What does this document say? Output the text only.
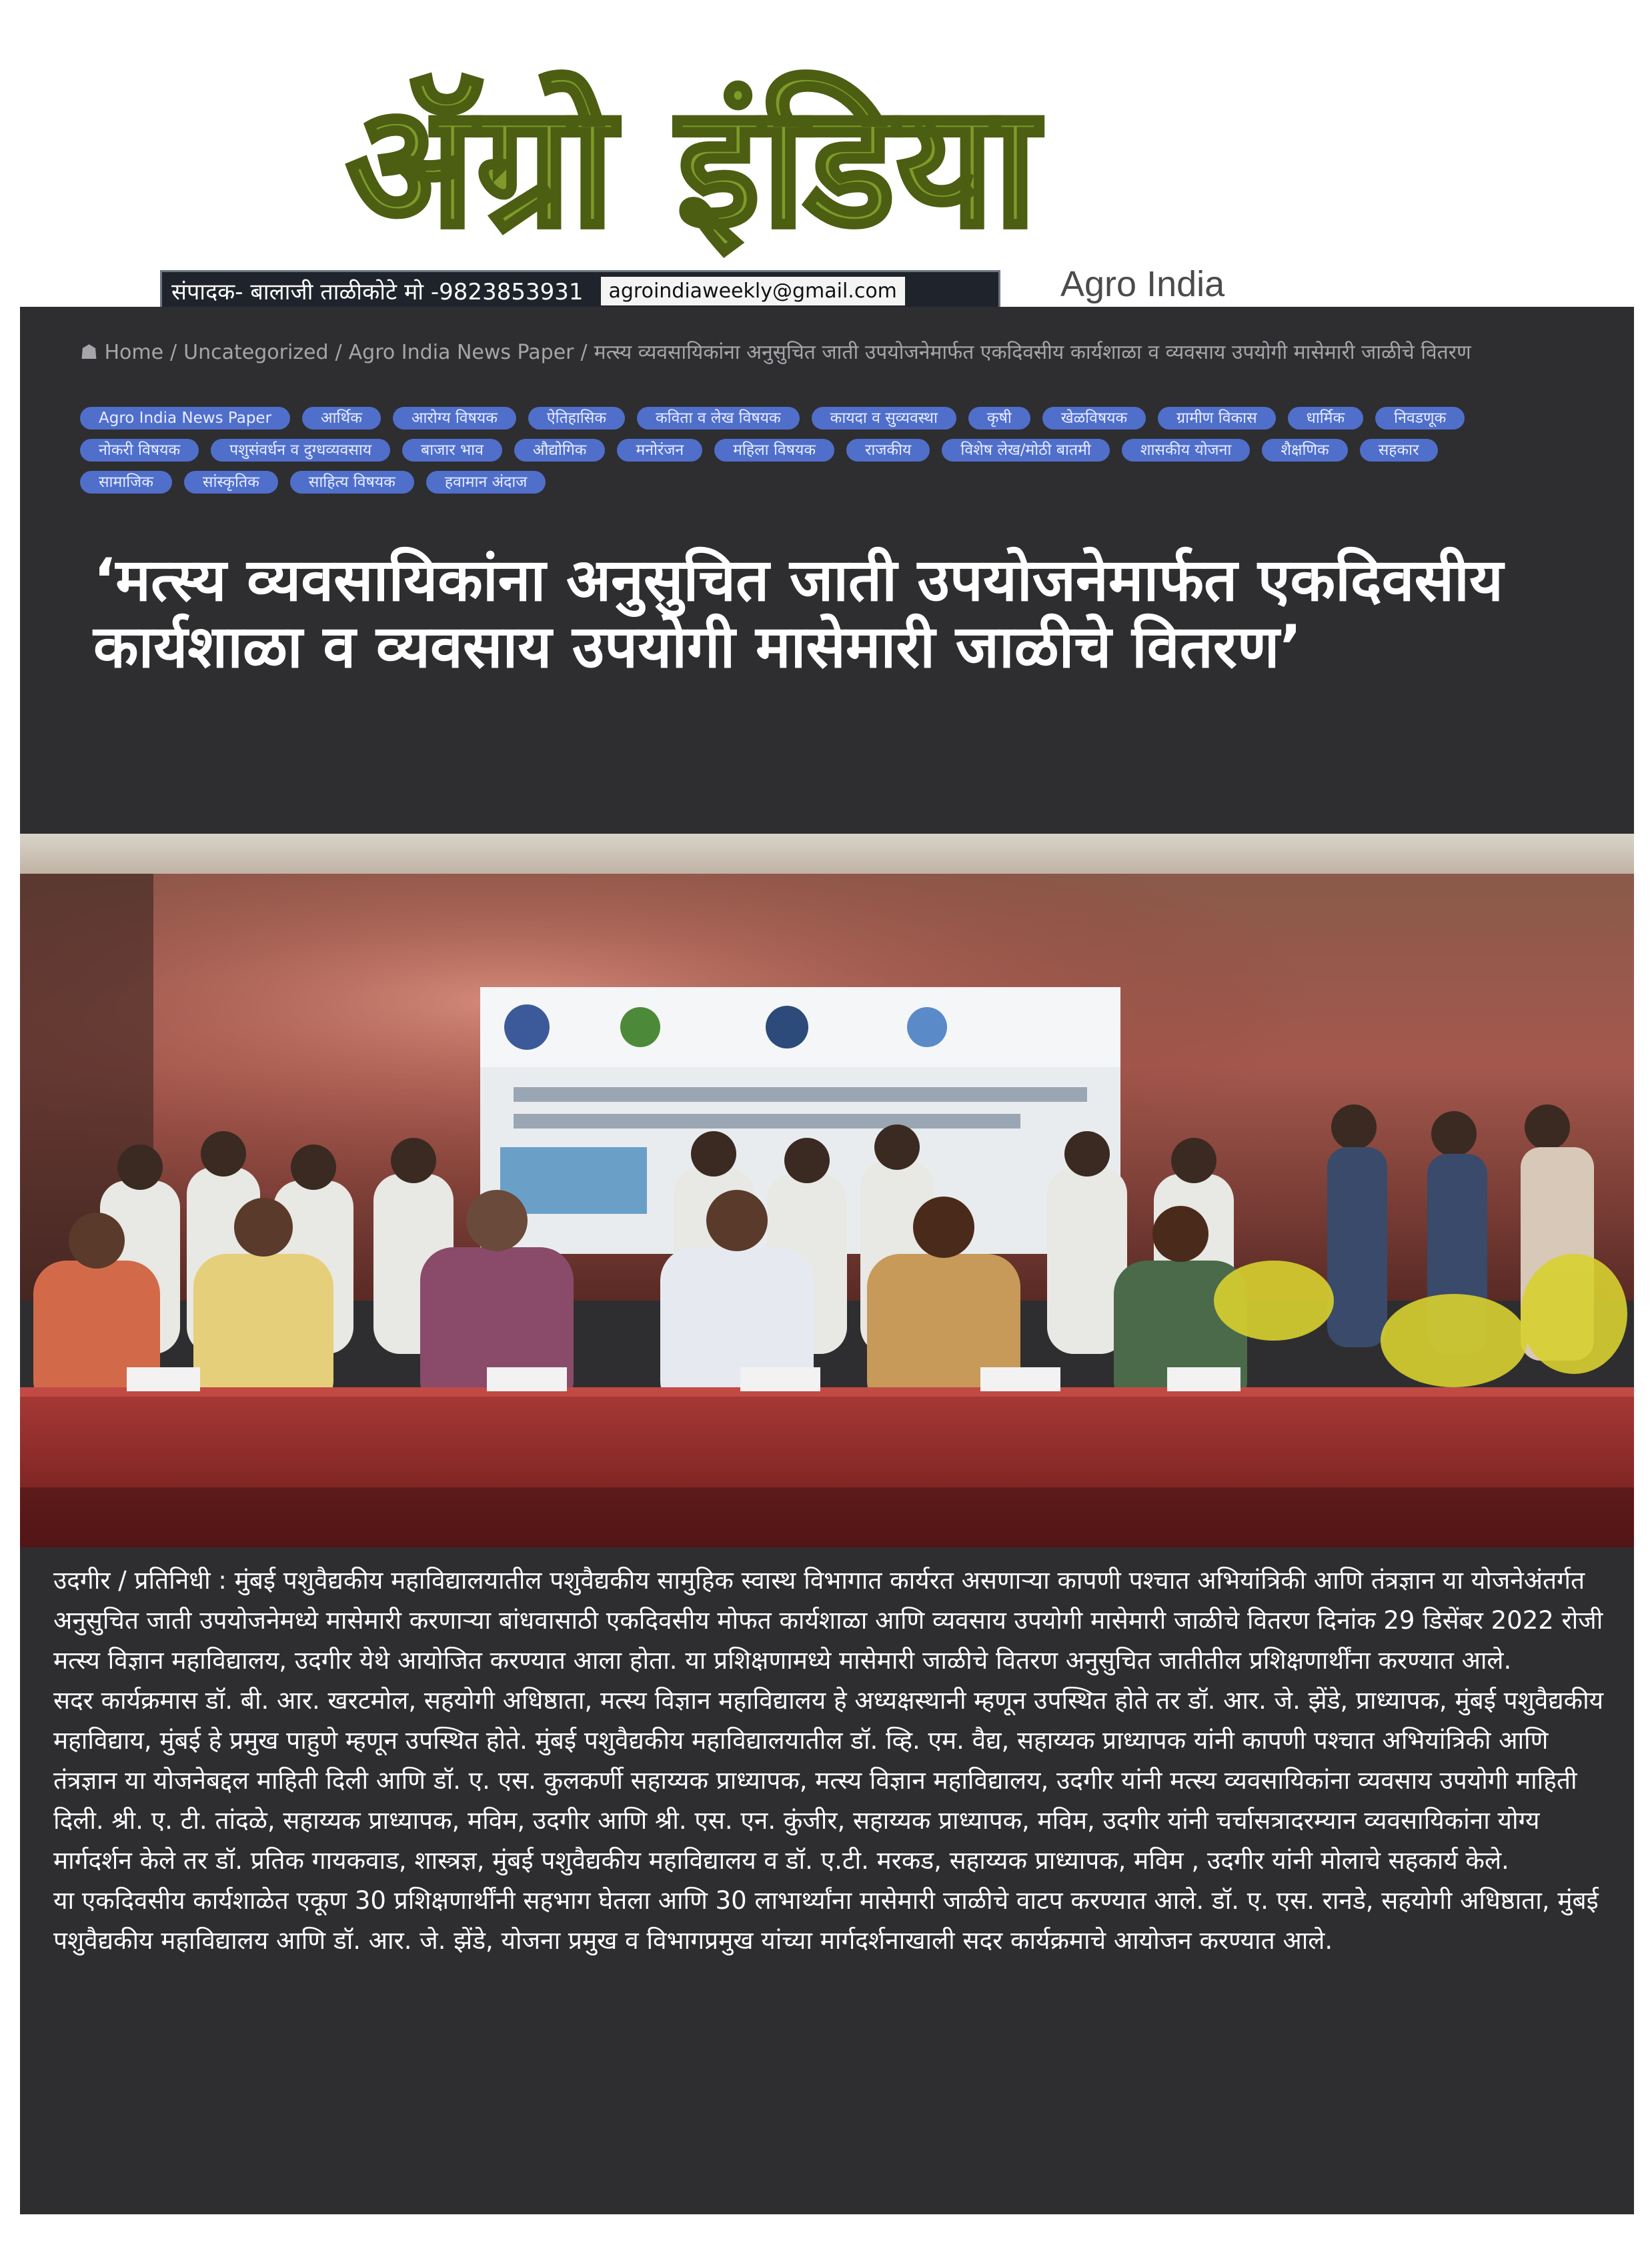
ॲग्रो इंडिया
संपादक- बालाजी ताळीकोटे मो -9823853931	agroindiaweekly@gmail.com	Agro India
☗ Home / Uncategorized / Agro India News Paper / मत्स्य व्यवसायिकांना अनुसुचित जाती उपयोजनेमार्फत एकदिवसीय कार्यशाळा व व्यवसाय उपयोगी मासेमारी जाळीचे वितरण
Agro India News Paper	आर्थिक	आरोग्य विषयक	ऐतिहासिक	कविता व लेख विषयक	कायदा व सुव्यवस्था	कृषी	खेळविषयक	ग्रामीण विकास	धार्मिक	निवडणूक
नोकरी विषयक	पशुसंवर्धन व दुग्धव्यवसाय	बाजार भाव	औद्योगिक	मनोरंजन	महिला विषयक	राजकीय	विशेष लेख/मोठी बातमी	शासकीय योजना	शैक्षणिक	सहकार
सामाजिक	सांस्कृतिक	साहित्य विषयक	हवामान अंदाज
‘मत्स्य व्यवसायिकांना अनुसुचित जाती उपयोजनेमार्फत एकदिवसीय कार्यशाळा व व्यवसाय उपयोगी मासेमारी जाळीचे वितरण’

उदगीर / प्रतिनिधी : मुंबई पशुवैद्यकीय महाविद्यालयातील पशुवैद्यकीय सामुहिक स्वास्थ विभागात कार्यरत असणाऱ्या कापणी पश्चात अभियांत्रिकी आणि तंत्रज्ञान या योजनेअंतर्गत अनुसुचित जाती उपयोजनेमध्ये मासेमारी करणाऱ्या बांधवासाठी एकदिवसीय मोफत कार्यशाळा आणि व्यवसाय उपयोगी मासेमारी जाळीचे वितरण दिनांक 29 डिसेंबर 2022 रोजी मत्स्य विज्ञान महाविद्यालय, उदगीर येथे आयोजित करण्यात आला होता. या प्रशिक्षणामध्ये मासेमारी जाळीचे वितरण अनुसुचित जातीतील प्रशिक्षणार्थींना करण्यात आले.

सदर कार्यक्रमास डॉ. बी. आर. खरटमोल, सहयोगी अधिष्ठाता, मत्स्य विज्ञान महाविद्यालय हे अध्यक्षस्थानी म्हणून उपस्थित होते तर डॉ. आर. जे. झेंडे, प्राध्यापक, मुंबई पशुवैद्यकीय महाविद्याय, मुंबई हे प्रमुख पाहुणे म्हणून उपस्थित होते. मुंबई पशुवैद्यकीय महाविद्यालयातील डॉ. व्हि. एम. वैद्य, सहाय्यक प्राध्यापक यांनी कापणी पश्चात अभियांत्रिकी आणि तंत्रज्ञान या योजनेबद्दल माहिती दिली आणि डॉ. ए. एस. कुलकर्णी सहाय्यक प्राध्यापक, मत्स्य विज्ञान महाविद्यालय, उदगीर यांनी मत्स्य व्यवसायिकांना व्यवसाय उपयोगी माहिती दिली. श्री. ए. टी. तांदळे, सहाय्यक प्राध्यापक, मविम, उदगीर आणि श्री. एस. एन. कुंजीर, सहाय्यक प्राध्यापक, मविम, उदगीर यांनी चर्चासत्रादरम्यान व्यवसायिकांना योग्य मार्गदर्शन केले तर डॉ. प्रतिक गायकवाड, शास्त्रज्ञ, मुंबई पशुवैद्यकीय महाविद्यालय व डॉ. ए.टी. मरकड, सहाय्यक प्राध्यापक, मविम , उदगीर यांनी मोलाचे सहकार्य केले.

या एकदिवसीय कार्यशाळेत एकूण 30 प्रशिक्षणार्थींनी सहभाग घेतला आणि 30 लाभार्थ्यांना मासेमारी जाळीचे वाटप करण्यात आले. डॉ. ए. एस. रानडे, सहयोगी अधिष्ठाता, मुंबई पशुवैद्यकीय महाविद्यालय आणि डॉ. आर. जे. झेंडे, योजना प्रमुख व विभागप्रमुख यांच्या मार्गदर्शनाखाली सदर कार्यक्रमाचे आयोजन करण्यात आले.
